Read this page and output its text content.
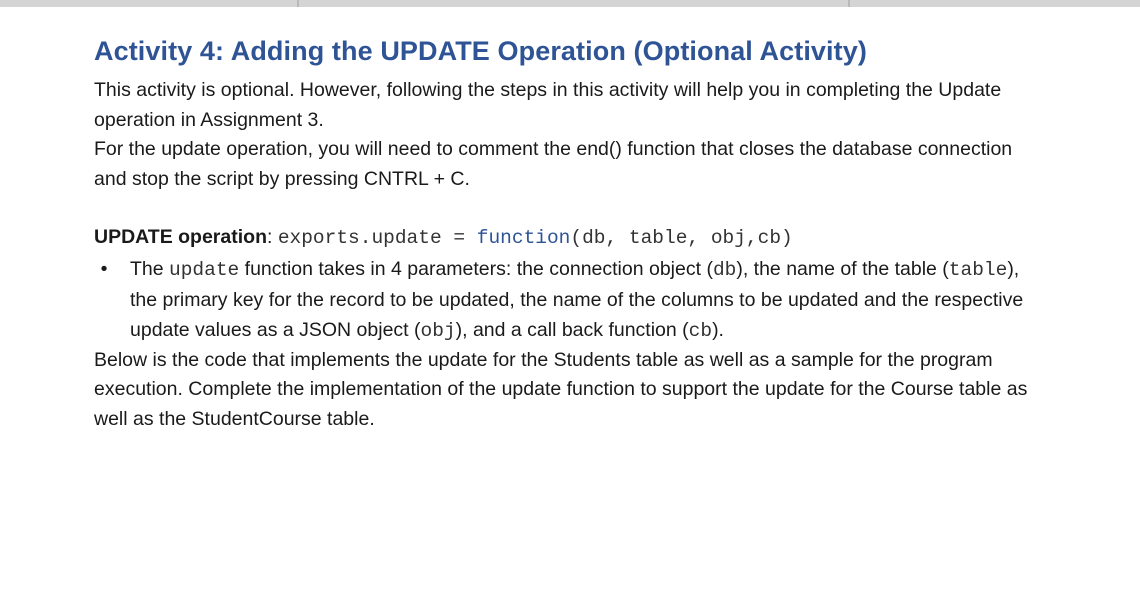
Activity 4: Adding the UPDATE Operation (Optional Activity)

This activity is optional. However, following the steps in this activity will help you in completing the Update operation in Assignment 3.

For the update operation, you will need to comment the end() function that closes the database connection and stop the script by pressing CNTRL + C.

UPDATE operation: exports.update = function(db, table, obj,cb)

• The update function takes in 4 parameters: the connection object (db), the name of the table (table), the primary key for the record to be updated, the name of the columns to be updated and the respective update values as a JSON object (obj), and a call back function (cb).

Below is the code that implements the update for the Students table as well as a sample for the program execution. Complete the implementation of the update function to support the update for the Course table as well as the StudentCourse table.
